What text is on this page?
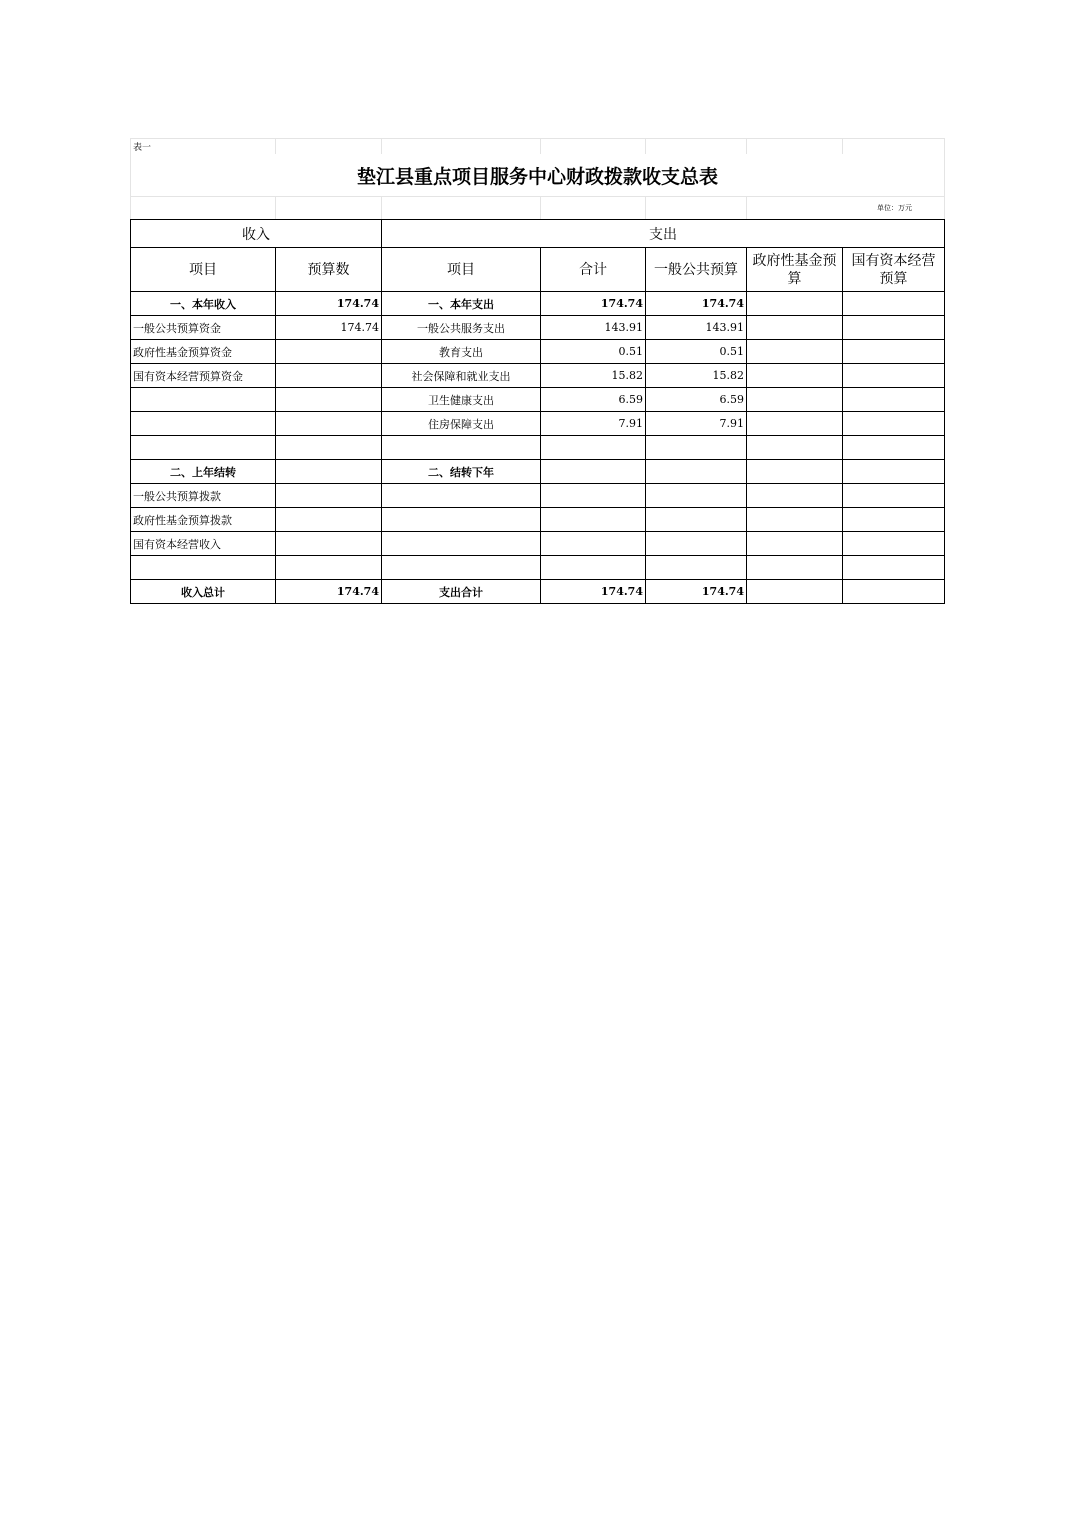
表一						
垫江县重点项目服务中心财政拨款收支总表						
					单位：万元	
收入		支出				
项目	预算数	项目	合计	一般公共预算	政府性基金预算	国有资本经营预算
一、本年收入	174.74	一、本年支出	174.74	174.74		
一般公共预算资金	174.74	一般公共服务支出	143.91	143.91		
政府性基金预算资金		教育支出	0.51	0.51		
国有资本经营预算资金		社会保障和就业支出	15.82	15.82		
		卫生健康支出	6.59	6.59		
		住房保障支出	7.91	7.91		

二、上年结转		二、结转下年				
一般公共预算拨款						
政府性基金预算拨款						
国有资本经营收入						

收入总计	174.74	支出合计	174.74	174.74		
